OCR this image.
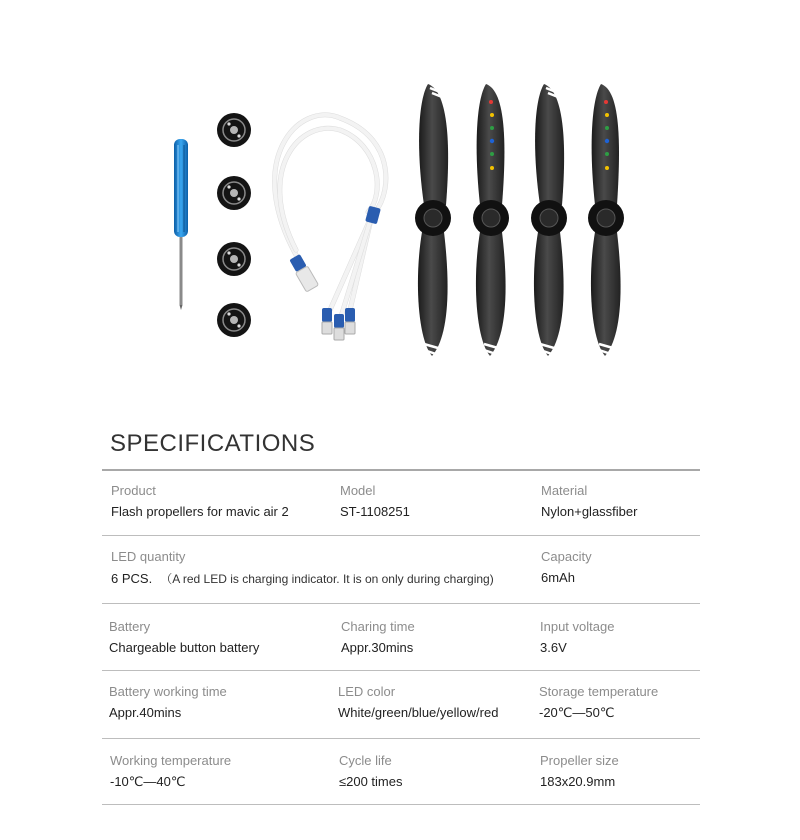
SPECIFICATIONS
Product
Flash propellers for mavic air 2
Model
ST-1108251
Material
Nylon+glassfiber
LED quantity
6 PCS. （A red LED is charging indicator. It is on only during charging)
Capacity
6mAh
Battery
Chargeable button battery
Charing time
Appr.30mins
Input voltage
3.6V
Battery working time
Appr.40mins
LED color
White/green/blue/yellow/red
Storage temperature
-20℃—50℃
Working temperature
-10℃—40℃
Cycle life
≤200 times
Propeller size
183x20.9mm
